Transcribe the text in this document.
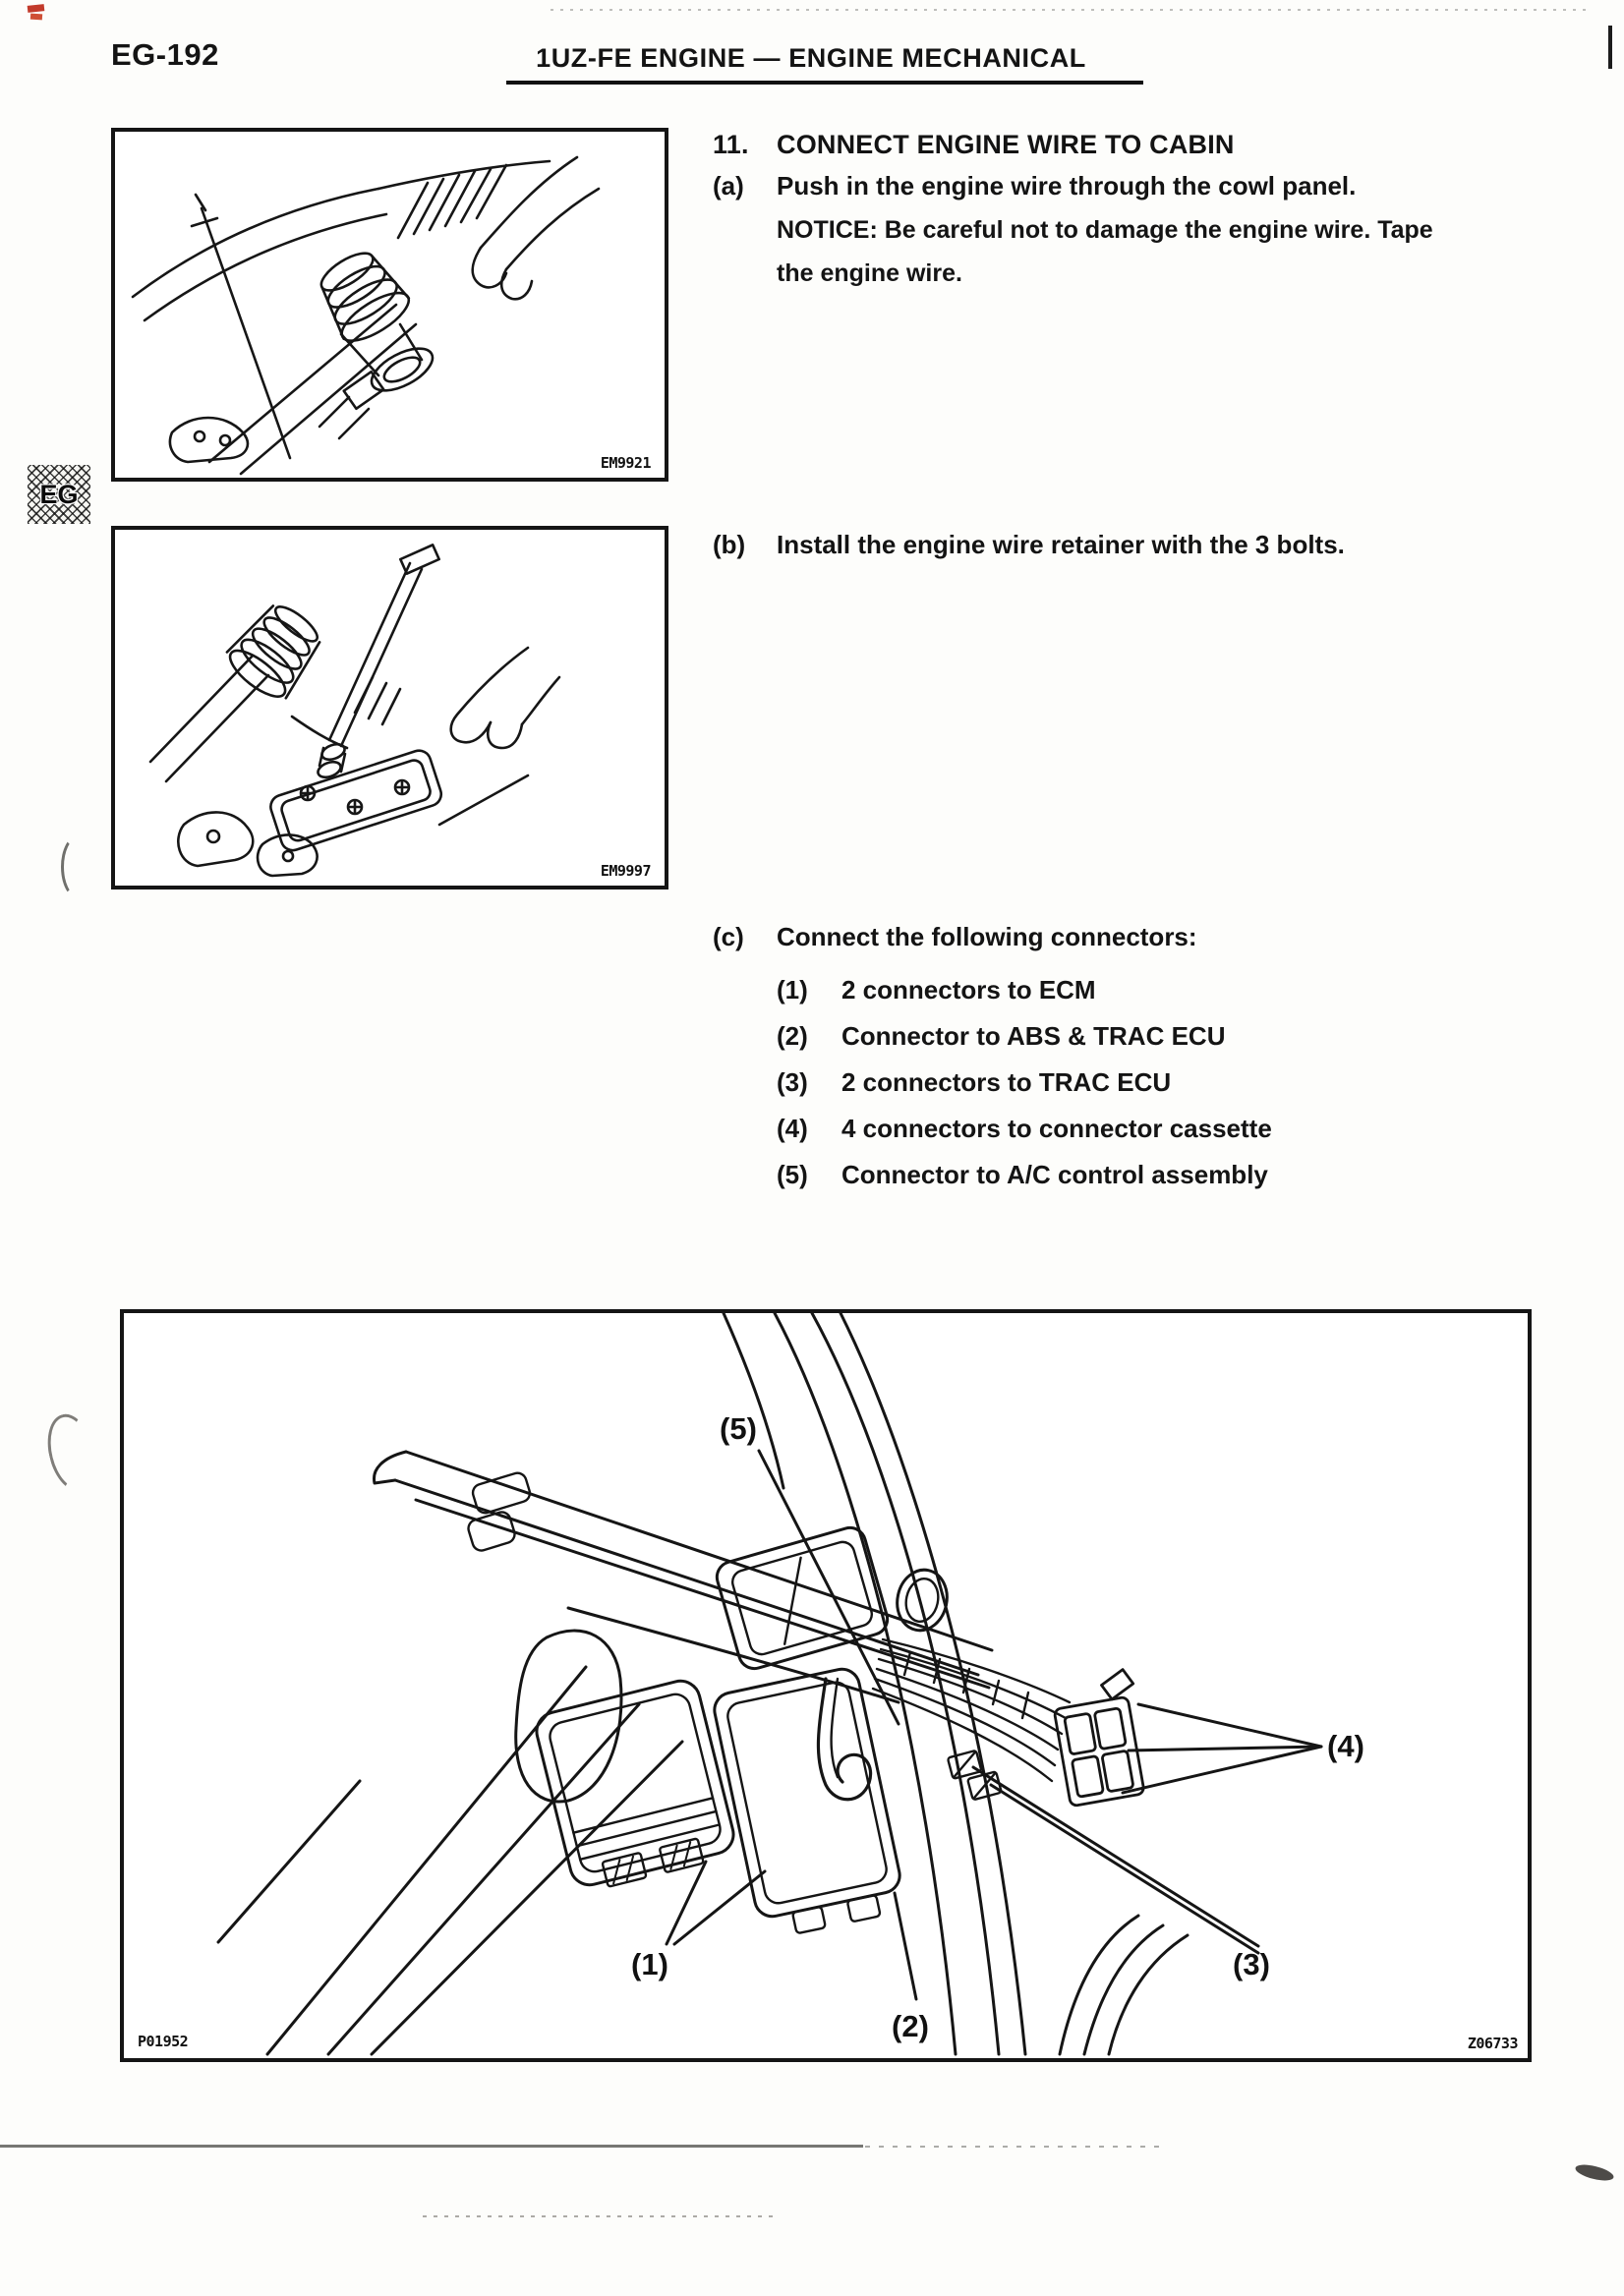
EG-192	1UZ-FE ENGINE — ENGINE MECHANICAL
EG
EM9921
EM9997
11.	CONNECT ENGINE WIRE TO CABIN
(a)	Push in the engine wire through the cowl panel.
NOTICE: Be careful not to damage the engine wire. Tape
the engine wire.
(b)	Install the engine wire retainer with the 3 bolts.
(c)	Connect the following connectors:
(1)	2 connectors to ECM
(2)	Connector to ABS & TRAC ECU
(3)	2 connectors to TRAC ECU
(4)	4 connectors to connector cassette
(5)	Connector to A/C control assembly
(5)
(4)
(1)
(2)
(3)
P01952	Z06733
